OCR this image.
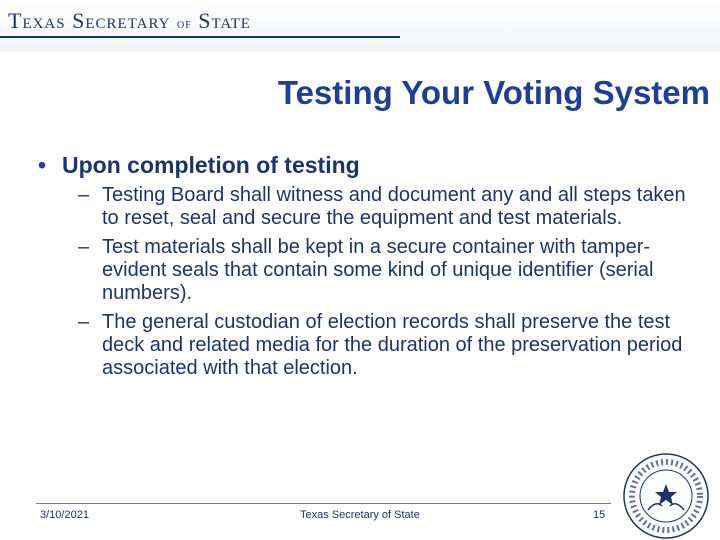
Texas Secretary of State
Testing Your Voting System
• Upon completion of testing
– Testing Board shall witness and document any and all steps taken to reset, seal and secure the equipment and test materials.
– Test materials shall be kept in a secure container with tamper-evident seals that contain some kind of unique identifier (serial numbers).
– The general custodian of election records shall preserve the test deck and related media for the duration of the preservation period associated with that election.
3/10/2021	Texas Secretary of State	15
